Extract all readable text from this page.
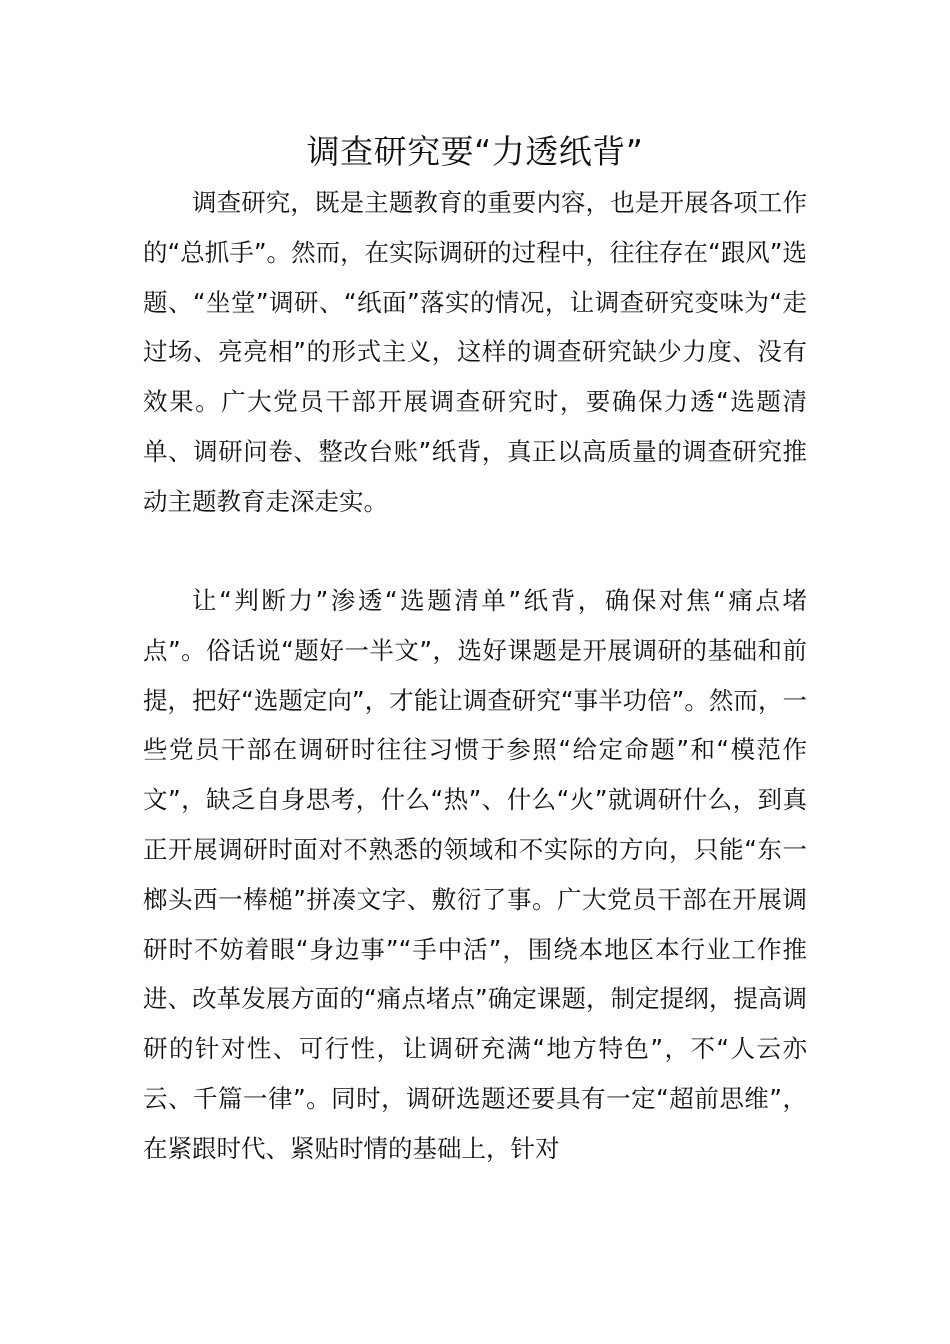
调查研究要“力透纸背”

调查研究，既是主题教育的重要内容，也是开展各项工作的“总抓手”。然而，在实际调研的过程中，往往存在“跟风”选题、“坐堂”调研、“纸面”落实的情况，让调查研究变味为“走过场、亮亮相”的形式主义，这样的调查研究缺少力度、没有效果。广大党员干部开展调查研究时，要确保力透“选题清单、调研问卷、整改台账”纸背，真正以高质量的调查研究推动主题教育走深走实。

让“判断力”渗透“选题清单”纸背，确保对焦“痛点堵点”。俗话说“题好一半文”，选好课题是开展调研的基础和前提，把好“选题定向”，才能让调查研究“事半功倍”。然而，一些党员干部在调研时往往习惯于参照“给定命题”和“模范作文”，缺乏自身思考，什么“热”、什么“火”就调研什么，到真正开展调研时面对不熟悉的领域和不实际的方向，只能“东一榔头西一棒槌”拼凑文字、敷衍了事。广大党员干部在开展调研时不妨着眼“身边事”“手中活”，围绕本地区本行业工作推进、改革发展方面的“痛点堵点”确定课题，制定提纲，提高调研的针对性、可行性，让调研充满“地方特色”，不“人云亦云、千篇一律”。同时，调研选题还要具有一定“超前思维”，在紧跟时代、紧贴时情的基础上，针对
